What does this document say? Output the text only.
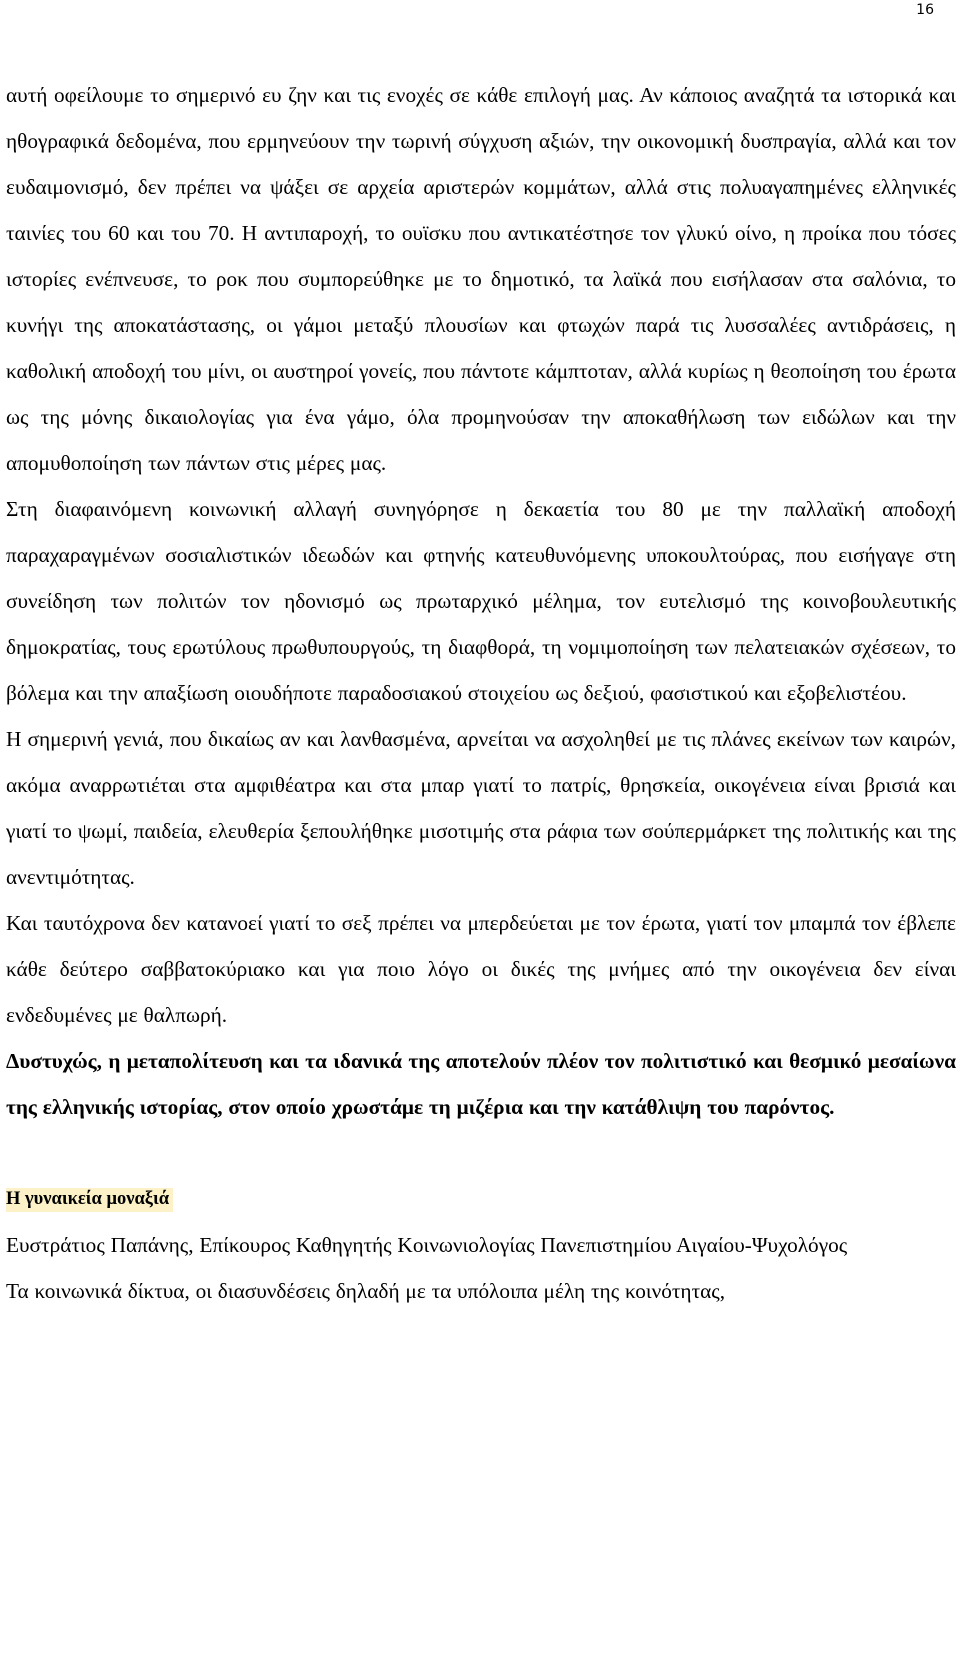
16

αυτή οφείλουμε το σημερινό ευ ζην και τις ενοχές σε κάθε επιλογή μας. Αν κάποιος αναζητά τα ιστορικά και ηθογραφικά δεδομένα, που ερμηνεύουν την τωρινή σύγχυση αξιών, την οικονομική δυσπραγία, αλλά και τον ευδαιμονισμό, δεν πρέπει να ψάξει σε αρχεία αριστερών κομμάτων, αλλά στις πολυαγαπημένες ελληνικές ταινίες του 60 και του 70. Η αντιπαροχή, το ουϊσκυ που αντικατέστησε τον γλυκύ οίνο, η προίκα που τόσες ιστορίες ενέπνευσε, το ροκ που συμπορεύθηκε με το δημοτικό, τα λαϊκά που εισήλασαν στα σαλόνια, το κυνήγι της αποκατάστασης, οι γάμοι μεταξύ πλουσίων και φτωχών παρά τις λυσσαλέες αντιδράσεις, η καθολική αποδοχή του μίνι, οι αυστηροί γονείς, που πάντοτε κάμπτοταν, αλλά κυρίως η θεοποίηση του έρωτα ως της μόνης δικαιολογίας για ένα γάμο, όλα προμηνούσαν την αποκαθήλωση των ειδώλων και την απομυθοποίηση των πάντων στις μέρες μας.

Στη διαφαινόμενη κοινωνική αλλαγή συνηγόρησε η δεκαετία του 80 με την παλλαϊκή αποδοχή παραχαραγμένων σοσιαλιστικών ιδεωδών και φτηνής κατευθυνόμενης υποκουλτούρας, που εισήγαγε στη συνείδηση των πολιτών τον ηδονισμό ως πρωταρχικό μέλημα, τον ευτελισμό της κοινοβουλευτικής δημοκρατίας, τους ερωτύλους πρωθυπουργούς, τη διαφθορά, τη νομιμοποίηση των πελατειακών σχέσεων, το βόλεμα και την απαξίωση οιουδήποτε παραδοσιακού στοιχείου ως δεξιού, φασιστικού και εξοβελιστέου.

Η σημερινή γενιά, που δικαίως αν και λανθασμένα, αρνείται να ασχοληθεί με τις πλάνες εκείνων των καιρών, ακόμα αναρρωτιέται στα αμφιθέατρα και στα μπαρ γιατί το πατρίς, θρησκεία, οικογένεια είναι βρισιά και γιατί το ψωμί, παιδεία, ελευθερία ξεπουλήθηκε μισοτιμής στα ράφια των σούπερμάρκετ της πολιτικής και της ανεντιμότητας.

Και ταυτόχρονα δεν κατανοεί γιατί το σεξ πρέπει να μπερδεύεται με τον έρωτα, γιατί τον μπαμπά τον έβλεπε κάθε δεύτερο σαββατοκύριακο και για ποιο λόγο οι δικές της μνήμες από την οικογένεια δεν είναι ενδεδυμένες με θαλπωρή.

Δυστυχώς, η μεταπολίτευση και τα ιδανικά της αποτελούν πλέον τον πολιτιστικό και θεσμικό μεσαίωνα της ελληνικής ιστορίας, στον οποίο χρωστάμε τη μιζέρια και την κατάθλιψη του παρόντος.

Η γυναικεία μοναξιά

Ευστράτιος Παπάνης, Επίκουρος Καθηγητής Κοινωνιολογίας Πανεπιστημίου Αιγαίου-Ψυχολόγος

Τα κοινωνικά δίκτυα, οι διασυνδέσεις δηλαδή με τα υπόλοιπα μέλη της κοινότητας,
